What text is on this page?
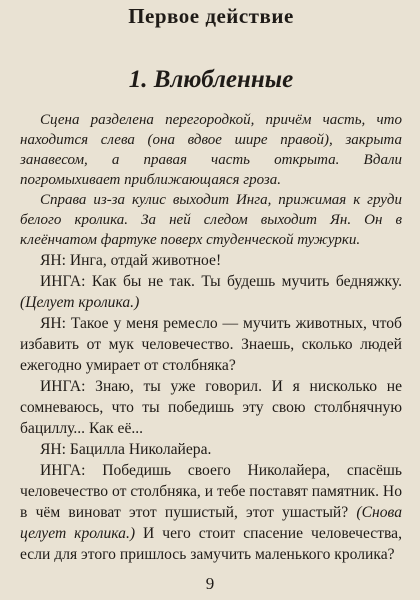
Первое действие
1. Влюбленные

Сцена разделена перегородкой, причём часть, что находится слева (она вдвое шире правой), закрыта занавесом, а правая часть открыта. Вдали погромыхивает приближающаяся гроза.

Справа из-за кулис выходит Инга, прижимая к груди белого кролика. За ней следом выходит Ян. Он в клеёнчатом фартуке поверх студенческой тужурки.

ЯН: Инга, отдай животное!

ИНГА: Как бы не так. Ты будешь мучить бедняжку. (Целует кролика.)

ЯН: Такое у меня ремесло — мучить животных, чтоб избавить от мук человечество. Знаешь, сколько людей ежегодно умирает от столбняка?

ИНГА: Знаю, ты уже говорил. И я нисколько не сомневаюсь, что ты победишь эту свою столбнячную бациллу... Как её...

ЯН: Бацилла Николайера.

ИНГА: Победишь своего Николайера, спасёшь человечество от столбняка, и тебе поставят памятник. Но в чём виноват этот пушистый, этот ушастый? (Снова целует кролика.) И чего стоит спасение человечества, если для этого пришлось замучить маленького кролика?

9
